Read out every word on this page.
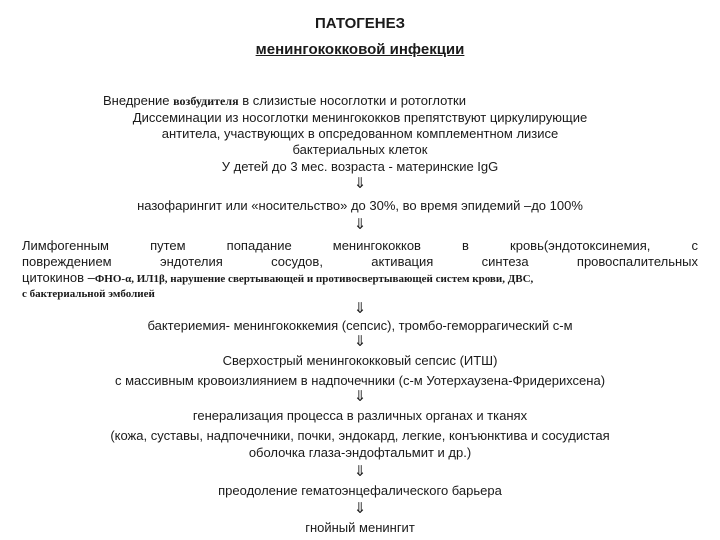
ПАТОГЕНЕЗ
менингококковой инфекции
Внедрение возбудителя в слизистые носоглотки и ротоглотки
Диссеминации из носоглотки менингококков препятствуют циркулирующие
антитела, участвующих в опсредованном комплементном лизисе
бактериальных клеток
У детей до 3 мес. возраста - материнские IgG
⇓
назофарингит или «носительство» до 30%, во время эпидемий –до 100%
⇓
Лимфогенным путем попадание менингококков в кровь(эндотоксинемия, с
повреждением эндотелия сосудов, активация синтеза провоспалительных
цитокинов –ФНО-α, ИЛ1β, нарушение свертывающей и противосвертывающей систем крови, ДВС,
с бактериальной эмболией
⇓
бактериемия- менингококкемия (сепсис), тромбо-геморрагический с-м
⇓
Сверхострый менингококковый сепсис (ИТШ)
с массивным кровоизлиянием в надпочечники (с-м Уотерхаузена-Фридерихсена)
⇓
генерализация процесса в различных органах и тканях
(кожа, суставы, надпочечники, почки, эндокард, легкие, конъюнктива и сосудистая
оболочка глаза-эндофтальмит и др.)
⇓
преодоление гематоэнцефалического барьера
⇓
гнойный менингит
